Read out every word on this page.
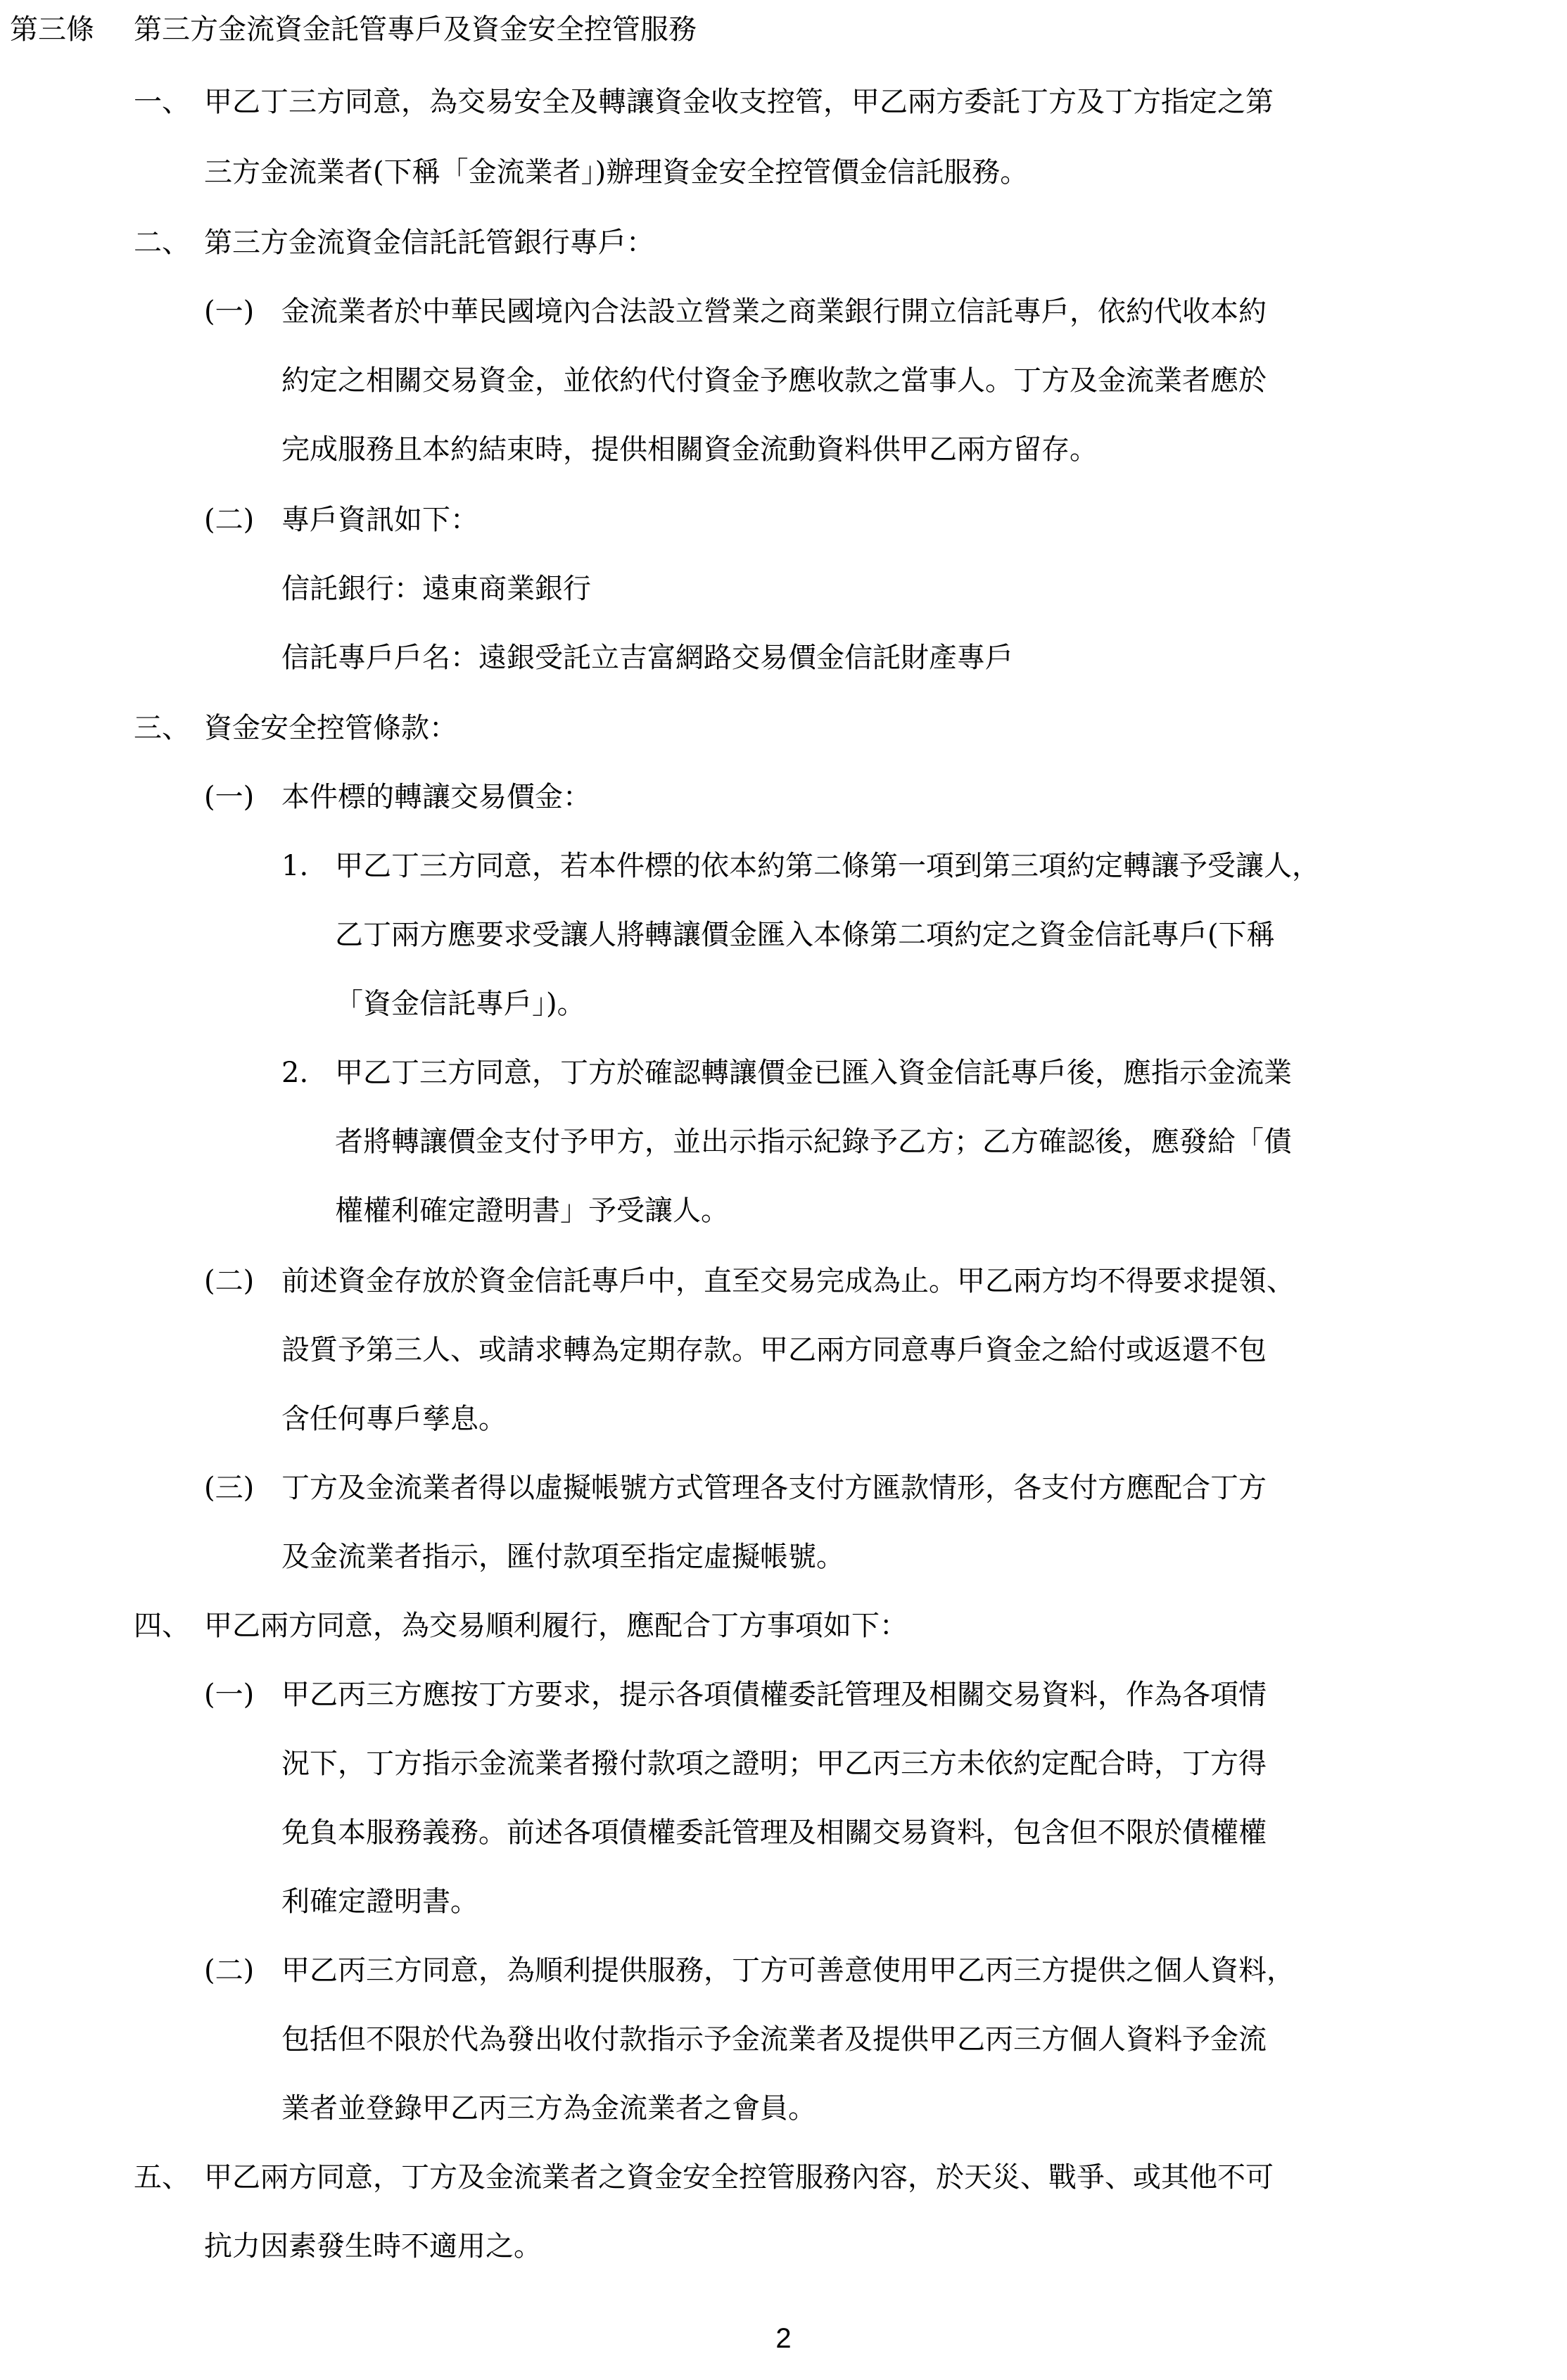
第三條 第三方金流資金託管專戶及資金安全控管服務
一、 甲乙丁三方同意，為交易安全及轉讓資金收支控管，甲乙兩方委託丁方及丁方指定之第
三方金流業者(下稱「金流業者」)辦理資金安全控管價金信託服務。
二、 第三方金流資金信託託管銀行專戶：
(一) 金流業者於中華民國境內合法設立營業之商業銀行開立信託專戶，依約代收本約
約定之相關交易資金，並依約代付資金予應收款之當事人。丁方及金流業者應於
完成服務且本約結束時，提供相關資金流動資料供甲乙兩方留存。
(二) 專戶資訊如下：
信託銀行：遠東商業銀行
信託專戶戶名：遠銀受託立吉富網路交易價金信託財產專戶
三、 資金安全控管條款：
(一) 本件標的轉讓交易價金：
1. 甲乙丁三方同意，若本件標的依本約第二條第一項到第三項約定轉讓予受讓人，
乙丁兩方應要求受讓人將轉讓價金匯入本條第二項約定之資金信託專戶(下稱
「資金信託專戶」)。
2. 甲乙丁三方同意，丁方於確認轉讓價金已匯入資金信託專戶後，應指示金流業
者將轉讓價金支付予甲方，並出示指示紀錄予乙方；乙方確認後，應發給「債
權權利確定證明書」予受讓人。
(二) 前述資金存放於資金信託專戶中，直至交易完成為止。甲乙兩方均不得要求提領、
設質予第三人、或請求轉為定期存款。甲乙兩方同意專戶資金之給付或返還不包
含任何專戶孳息。
(三) 丁方及金流業者得以虛擬帳號方式管理各支付方匯款情形，各支付方應配合丁方
及金流業者指示，匯付款項至指定虛擬帳號。
四、 甲乙兩方同意，為交易順利履行，應配合丁方事項如下：
(一) 甲乙丙三方應按丁方要求，提示各項債權委託管理及相關交易資料，作為各項情
況下，丁方指示金流業者撥付款項之證明；甲乙丙三方未依約定配合時，丁方得
免負本服務義務。前述各項債權委託管理及相關交易資料，包含但不限於債權權
利確定證明書。
(二) 甲乙丙三方同意，為順利提供服務，丁方可善意使用甲乙丙三方提供之個人資料，
包括但不限於代為發出收付款指示予金流業者及提供甲乙丙三方個人資料予金流
業者並登錄甲乙丙三方為金流業者之會員。
五、 甲乙兩方同意，丁方及金流業者之資金安全控管服務內容，於天災、戰爭、或其他不可
抗力因素發生時不適用之。
2
